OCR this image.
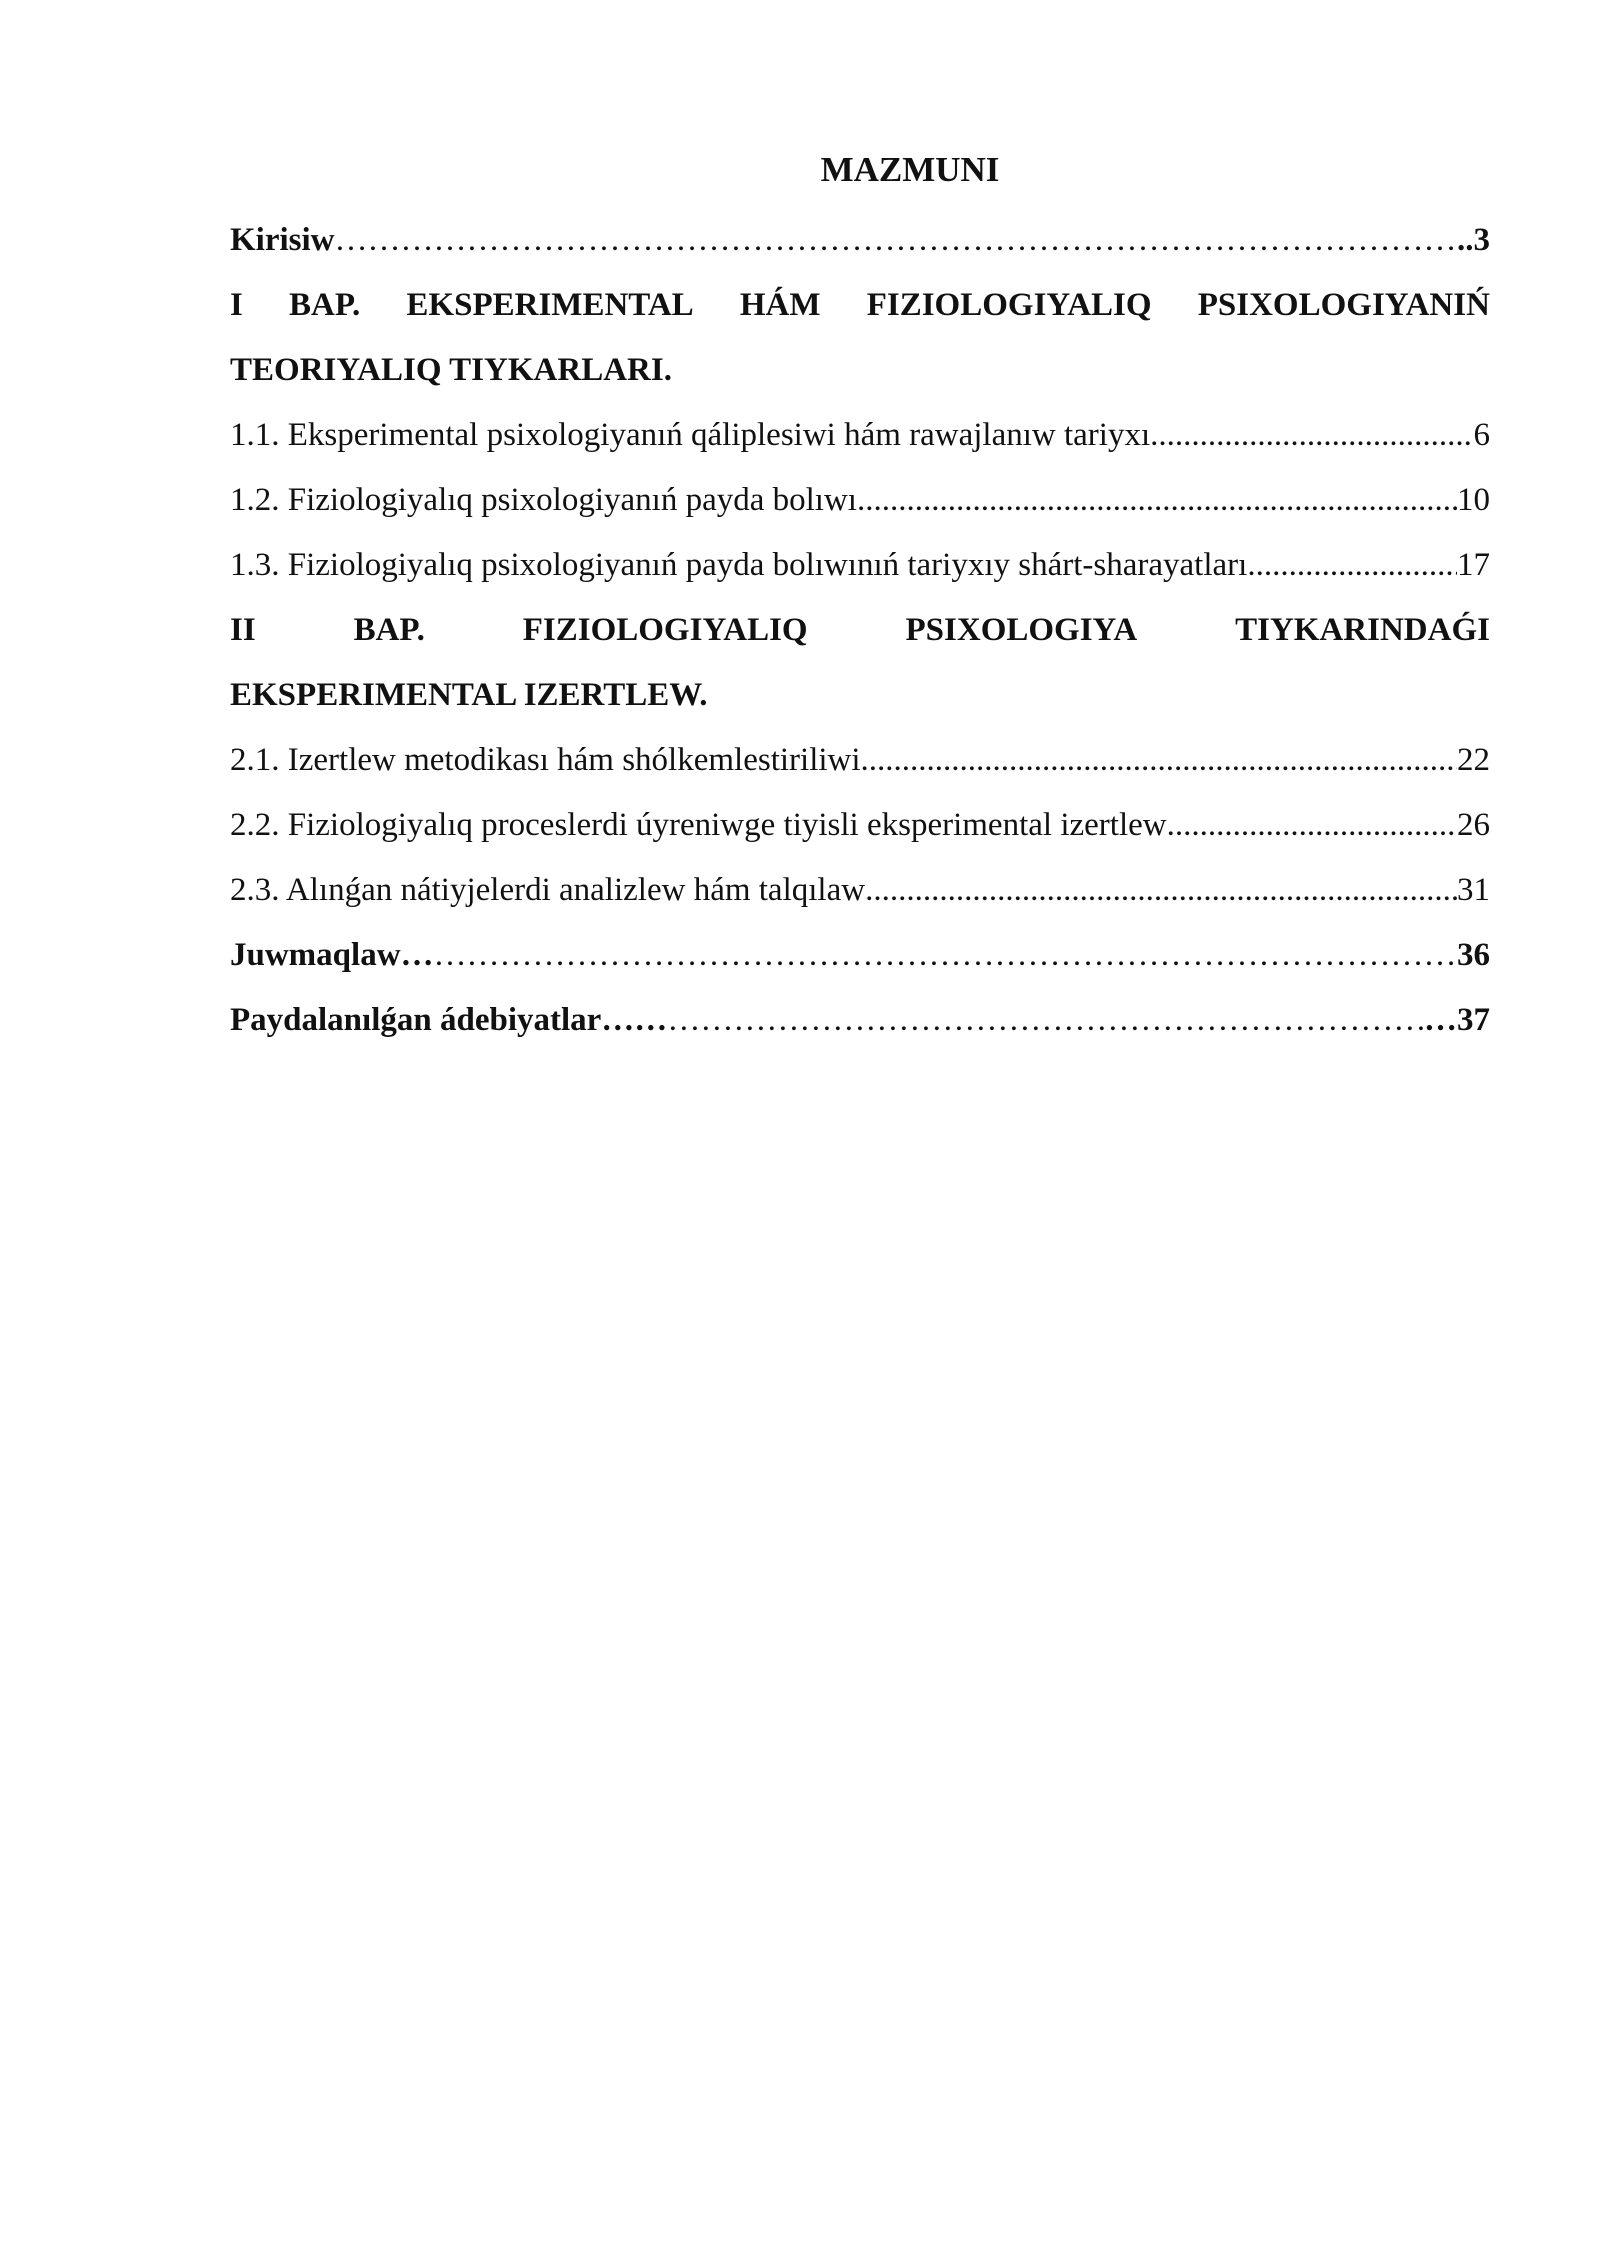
MAZMUNI
Kirisiw ……………………………………………………………………………………………………………………………………	..3
I BAP. EKSPERIMENTAL HÁM FIZIOLOGIYALIQ PSIXOLOGIYANIŃ
TEORIYALIQ TIYKARLARI.
1.1. Eksperimental psixologiyanıń qáliplesiwi hám rawajlanıw tariyxı .....	6
1.2. Fiziologiyalıq psixologiyanıń payda bolıwı .....	10
1.3. Fiziologiyalıq psixologiyanıń payda bolıwınıń tariyxıy shárt-sharayatları .....	17
II	BAP.	FIZIOLOGIYALIQ	PSIXOLOGIYA	TIYKARINDAǴI
EKSPERIMENTAL IZERTLEW.
2.1. Izertlew metodikası hám shólkemlestiriliwi .....	22
2.2. Fiziologiyalıq proceslerdi úyreniwge tiyisli eksperimental izertlew .....	26
2.3. Alınǵan nátiyjelerdi analizlew hám talqılaw .....	31
Juwmaqlaw… ……………………………………………………………………………………………………………………………………	36
Paydalanılǵan ádebiyatlar…… ……………………………………………………………………………………………………………………………………	…37
